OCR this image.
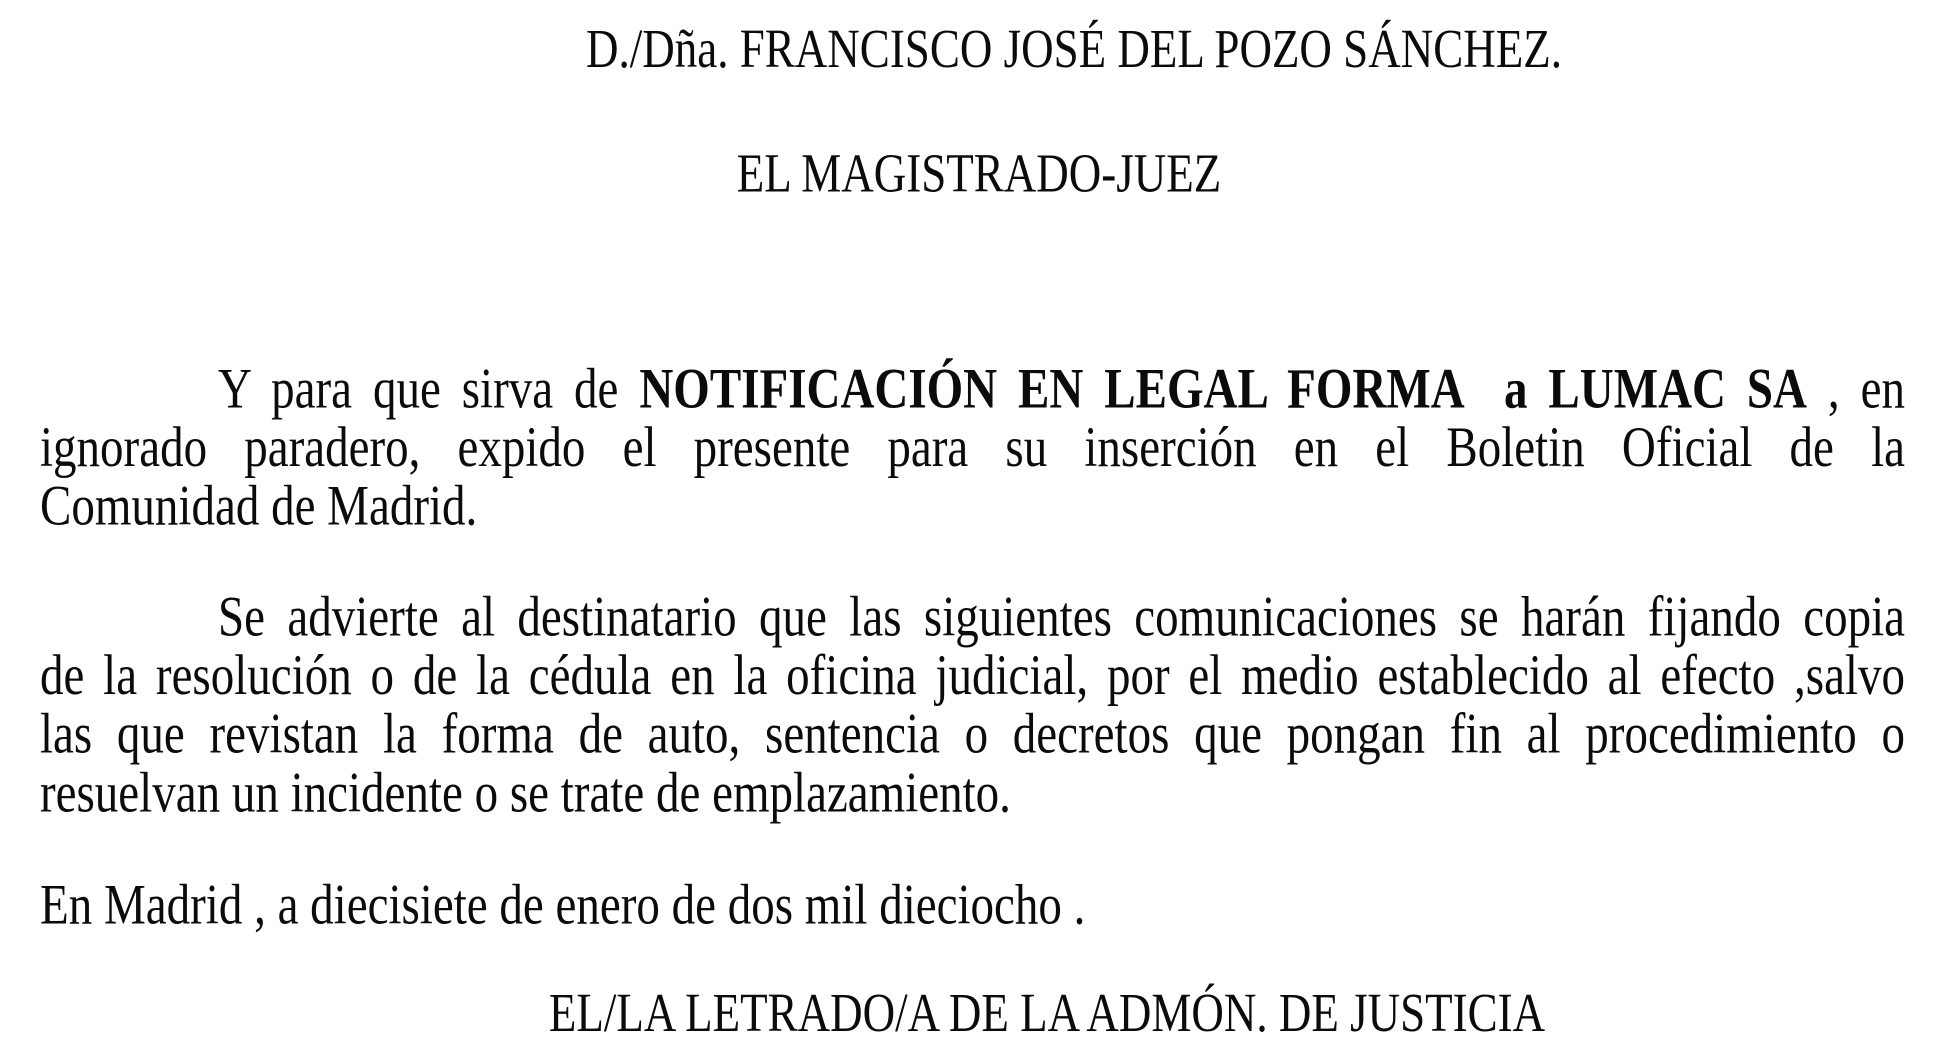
D./Dña. FRANCISCO JOSÉ DEL POZO SÁNCHEZ.
EL MAGISTRADO-JUEZ
Y para que sirva de NOTIFICACIÓN EN LEGAL FORMA  a LUMAC SA , en
ignorado paradero, expido el presente para su inserción en el Boletin Oficial de la
Comunidad de Madrid.
Se advierte al destinatario que las siguientes comunicaciones se harán fijando copia
de la resolución o de la cédula en la oficina judicial, por el medio establecido al efecto ,salvo
las que revistan la forma de auto, sentencia o decretos que pongan fin al procedimiento o
resuelvan un incidente o se trate de emplazamiento.
En Madrid , a diecisiete de enero de dos mil dieciocho .
EL/LA LETRADO/A DE LA ADMÓN. DE JUSTICIA
